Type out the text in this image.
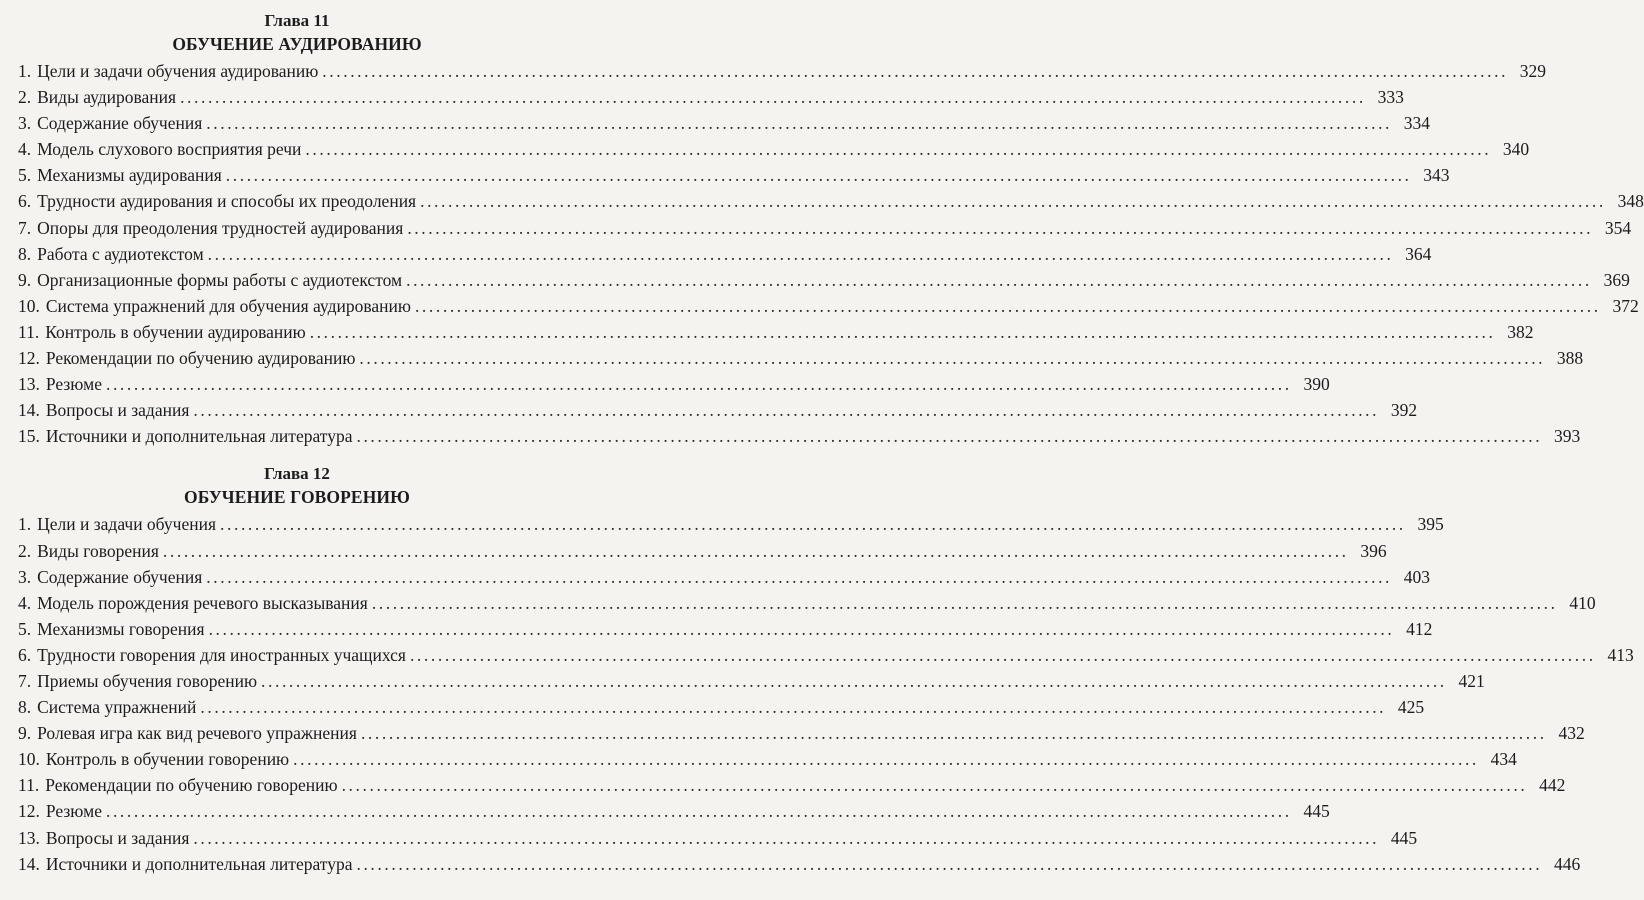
Глава 11
ОБУЧЕНИЕ АУДИРОВАНИЮ
1. Цели и задачи обучения аудированию .....	329
2. Виды аудирования .....	333
3. Содержание обучения .....	334
4. Модель слухового восприятия речи .....	340
5. Механизмы аудирования .....	343
6. Трудности аудирования и способы их преодоления .....	348
7. Опоры для преодоления трудностей аудирования .....	354
8. Работа с аудиотекстом .....	364
9. Организационные формы работы с аудиотекстом .....	369
10. Система упражнений для обучения аудированию .....	372
11. Контроль в обучении аудированию .....	382
12. Рекомендации по обучению аудированию .....	388
13. Резюме .....	390
14. Вопросы и задания .....	392
15. Источники и дополнительная литература .....	393
Глава 12
ОБУЧЕНИЕ ГОВОРЕНИЮ
1. Цели и задачи обучения .....	395
2. Виды говорения .....	396
3. Содержание обучения .....	403
4. Модель порождения речевого высказывания .....	410
5. Механизмы говорения .....	412
6. Трудности говорения для иностранных учащихся .....	413
7. Приемы обучения говорению .....	421
8. Система упражнений .....	425
9. Ролевая игра как вид речевого упражнения .....	432
10. Контроль в обучении говорению .....	434
11. Рекомендации по обучению говорению .....	442
12. Резюме .....	445
13. Вопросы и задания .....	445
14. Источники и дополнительная литература .....	446
